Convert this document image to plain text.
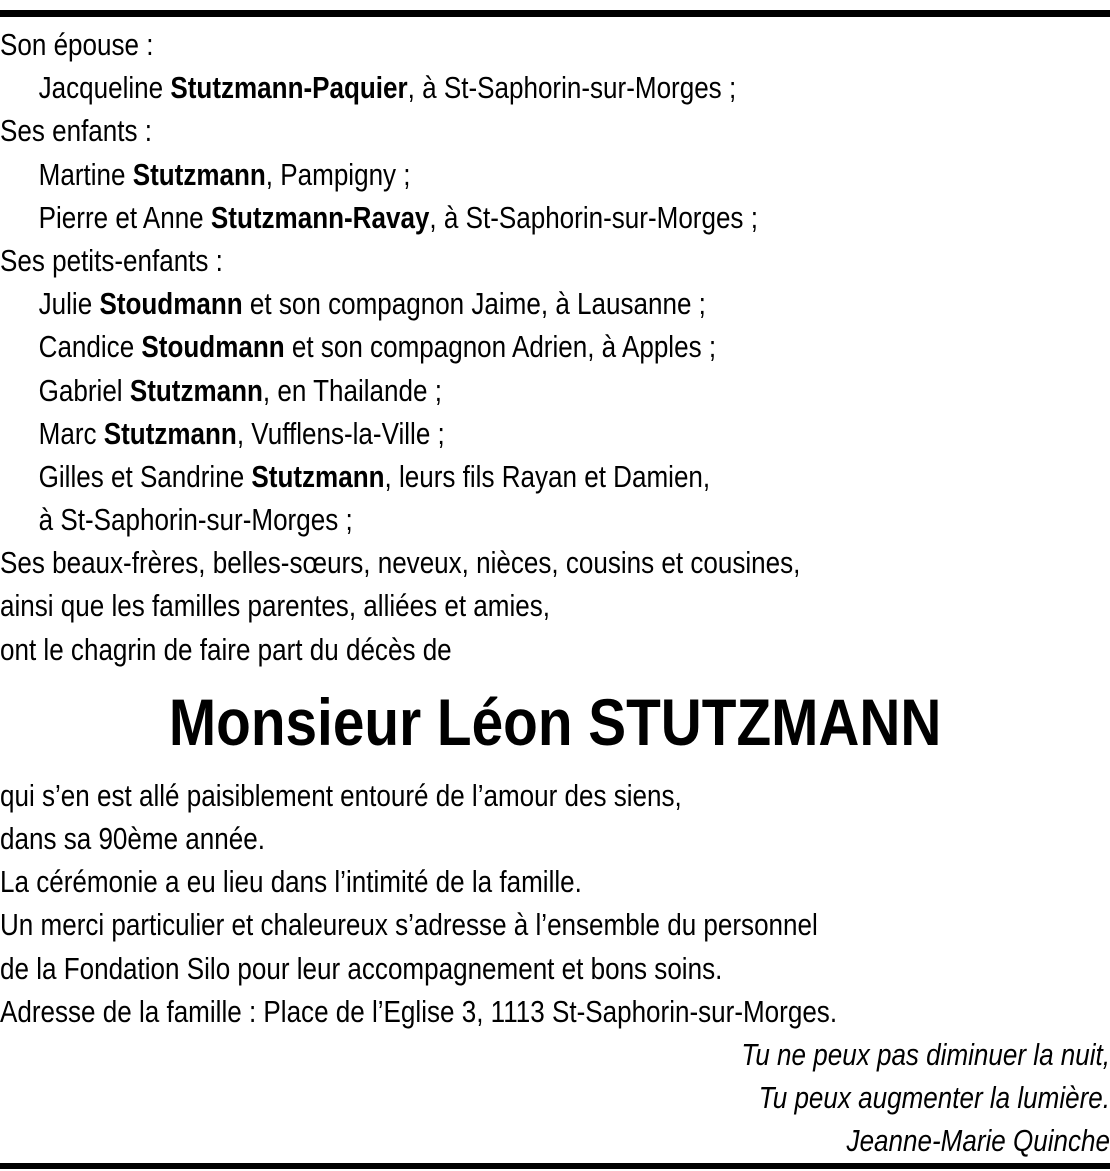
Son épouse :
Jacqueline Stutzmann-Paquier, à St-Saphorin-sur-Morges ;
Ses enfants :
Martine Stutzmann, Pampigny ;
Pierre et Anne Stutzmann-Ravay, à St-Saphorin-sur-Morges ;
Ses petits-enfants :
Julie Stoudmann et son compagnon Jaime, à Lausanne ;
Candice Stoudmann et son compagnon Adrien, à Apples ;
Gabriel Stutzmann, en Thailande ;
Marc Stutzmann, Vufflens-la-Ville ;
Gilles et Sandrine Stutzmann, leurs fils Rayan et Damien,
à St-Saphorin-sur-Morges ;
Ses beaux-frères, belles-sœurs, neveux, nièces, cousins et cousines,
ainsi que les familles parentes, alliées et amies,
ont le chagrin de faire part du décès de
Monsieur Léon STUTZMANN
qui s’en est allé paisiblement entouré de l’amour des siens,
dans sa 90ème année.
La cérémonie a eu lieu dans l’intimité de la famille.
Un merci particulier et chaleureux s’adresse à l’ensemble du personnel
de la Fondation Silo pour leur accompagnement et bons soins.
Adresse de la famille : Place de l’Eglise 3, 1113 St-Saphorin-sur-Morges.
Tu ne peux pas diminuer la nuit,
Tu peux augmenter la lumière.
Jeanne-Marie Quinche
